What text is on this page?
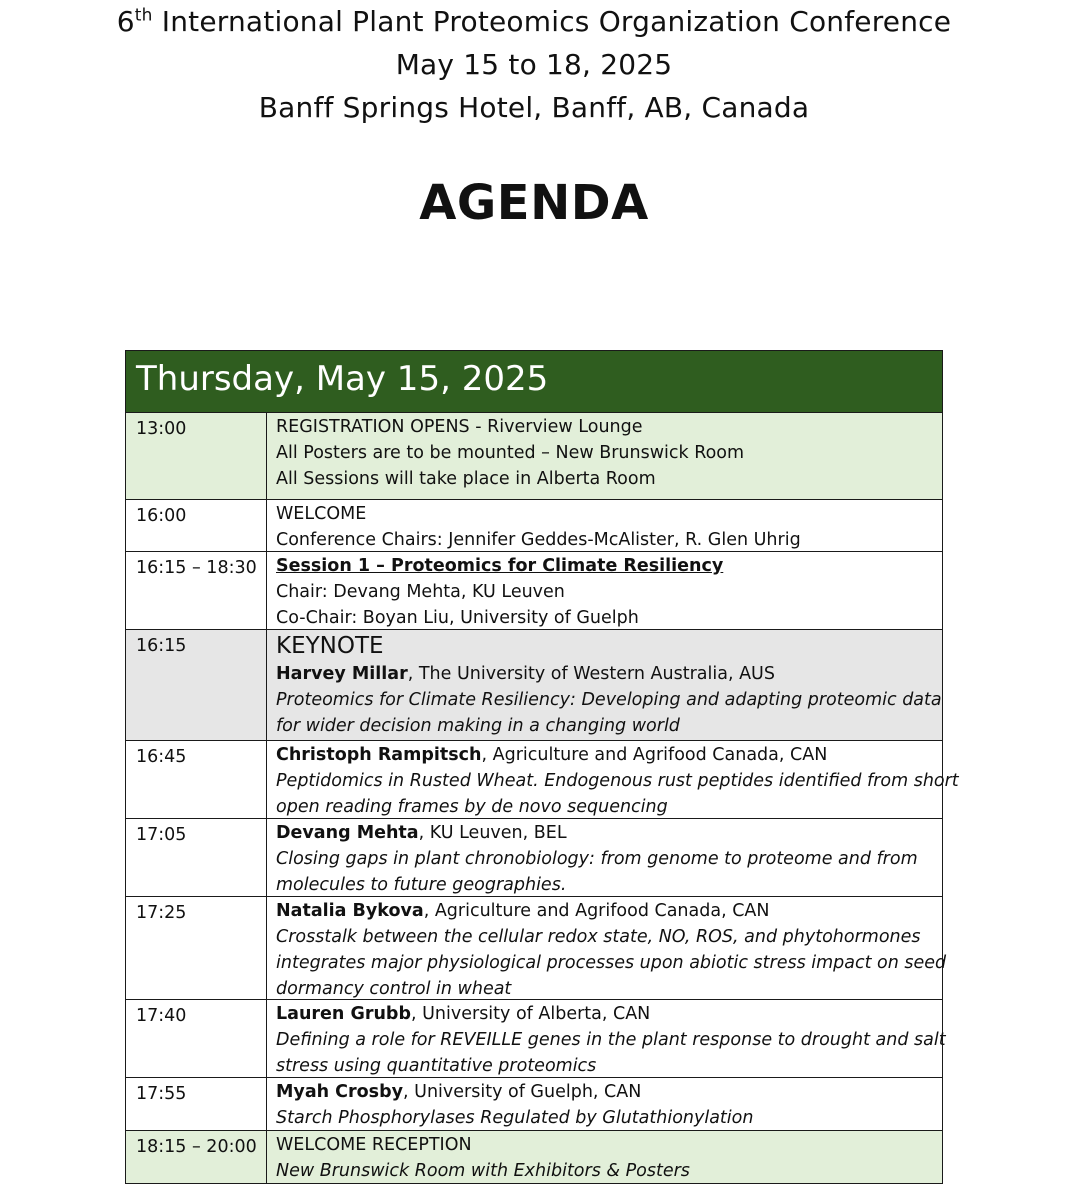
6th International Plant Proteomics Organization Conference
May 15 to 18, 2025
Banff Springs Hotel, Banff, AB, Canada
AGENDA
Thursday, May 15, 2025
13:00	REGISTRATION OPENS - Riverview Lounge
All Posters are to be mounted – New Brunswick Room
All Sessions will take place in Alberta Room
16:00	WELCOME
Conference Chairs: Jennifer Geddes-McAlister, R. Glen Uhrig
16:15 – 18:30	Session 1 – Proteomics for Climate Resiliency
Chair: Devang Mehta, KU Leuven
Co-Chair: Boyan Liu, University of Guelph
16:15	KEYNOTE
Harvey Millar, The University of Western Australia, AUS
Proteomics for Climate Resiliency: Developing and adapting proteomic data
for wider decision making in a changing world
16:45	Christoph Rampitsch, Agriculture and Agrifood Canada, CAN
Peptidomics in Rusted Wheat. Endogenous rust peptides identified from short
open reading frames by de novo sequencing
17:05	Devang Mehta, KU Leuven, BEL
Closing gaps in plant chronobiology: from genome to proteome and from
molecules to future geographies.
17:25	Natalia Bykova, Agriculture and Agrifood Canada, CAN
Crosstalk between the cellular redox state, NO, ROS, and phytohormones
integrates major physiological processes upon abiotic stress impact on seed
dormancy control in wheat
17:40	Lauren Grubb, University of Alberta, CAN
Defining a role for REVEILLE genes in the plant response to drought and salt
stress using quantitative proteomics
17:55	Myah Crosby, University of Guelph, CAN
Starch Phosphorylases Regulated by Glutathionylation
18:15 – 20:00	WELCOME RECEPTION
New Brunswick Room with Exhibitors & Posters
